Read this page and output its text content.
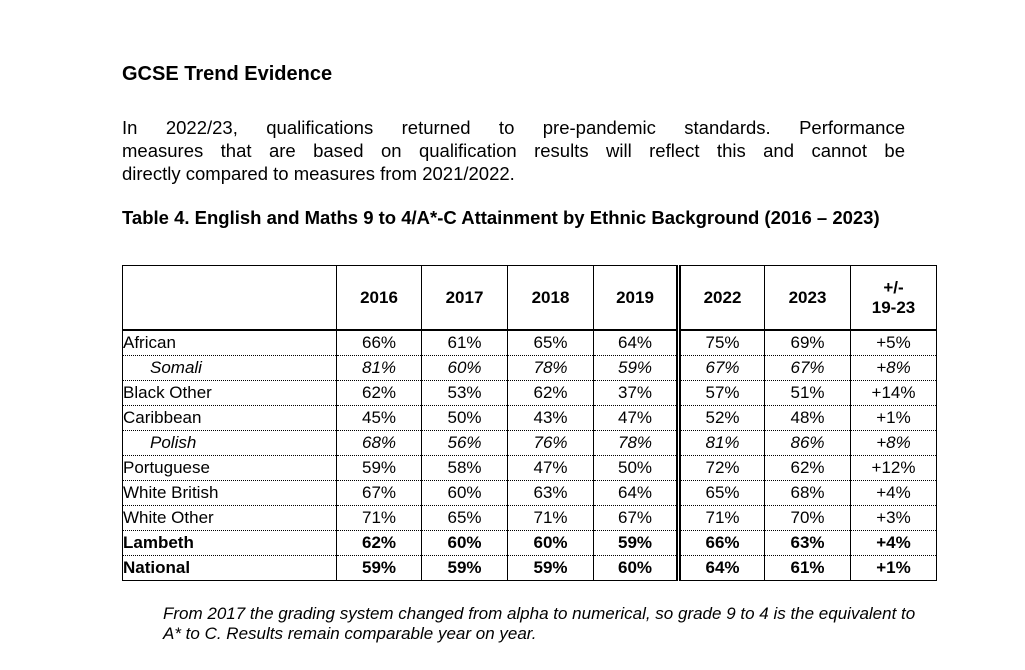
GCSE Trend Evidence
In 2022/23, qualifications returned to pre-pandemic standards. Performance
measures that are based on qualification results will reflect this and cannot be
directly compared to measures from 2021/2022.
Table 4. English and Maths 9 to 4/A*-C Attainment by Ethnic Background (2016 – 2023)
	2016	2017	2018	2019	2022	2023	+/-
19-23
African	66%	61%	65%	64%	75%	69%	+5%
Somali	81%	60%	78%	59%	67%	67%	+8%
Black Other	62%	53%	62%	37%	57%	51%	+14%
Caribbean	45%	50%	43%	47%	52%	48%	+1%
Polish	68%	56%	76%	78%	81%	86%	+8%
Portuguese	59%	58%	47%	50%	72%	62%	+12%
White British	67%	60%	63%	64%	65%	68%	+4%
White Other	71%	65%	71%	67%	71%	70%	+3%
Lambeth	62%	60%	60%	59%	66%	63%	+4%
National	59%	59%	59%	60%	64%	61%	+1%
From 2017 the grading system changed from alpha to numerical, so grade 9 to 4 is the equivalent to A* to C. Results remain comparable year on year.
